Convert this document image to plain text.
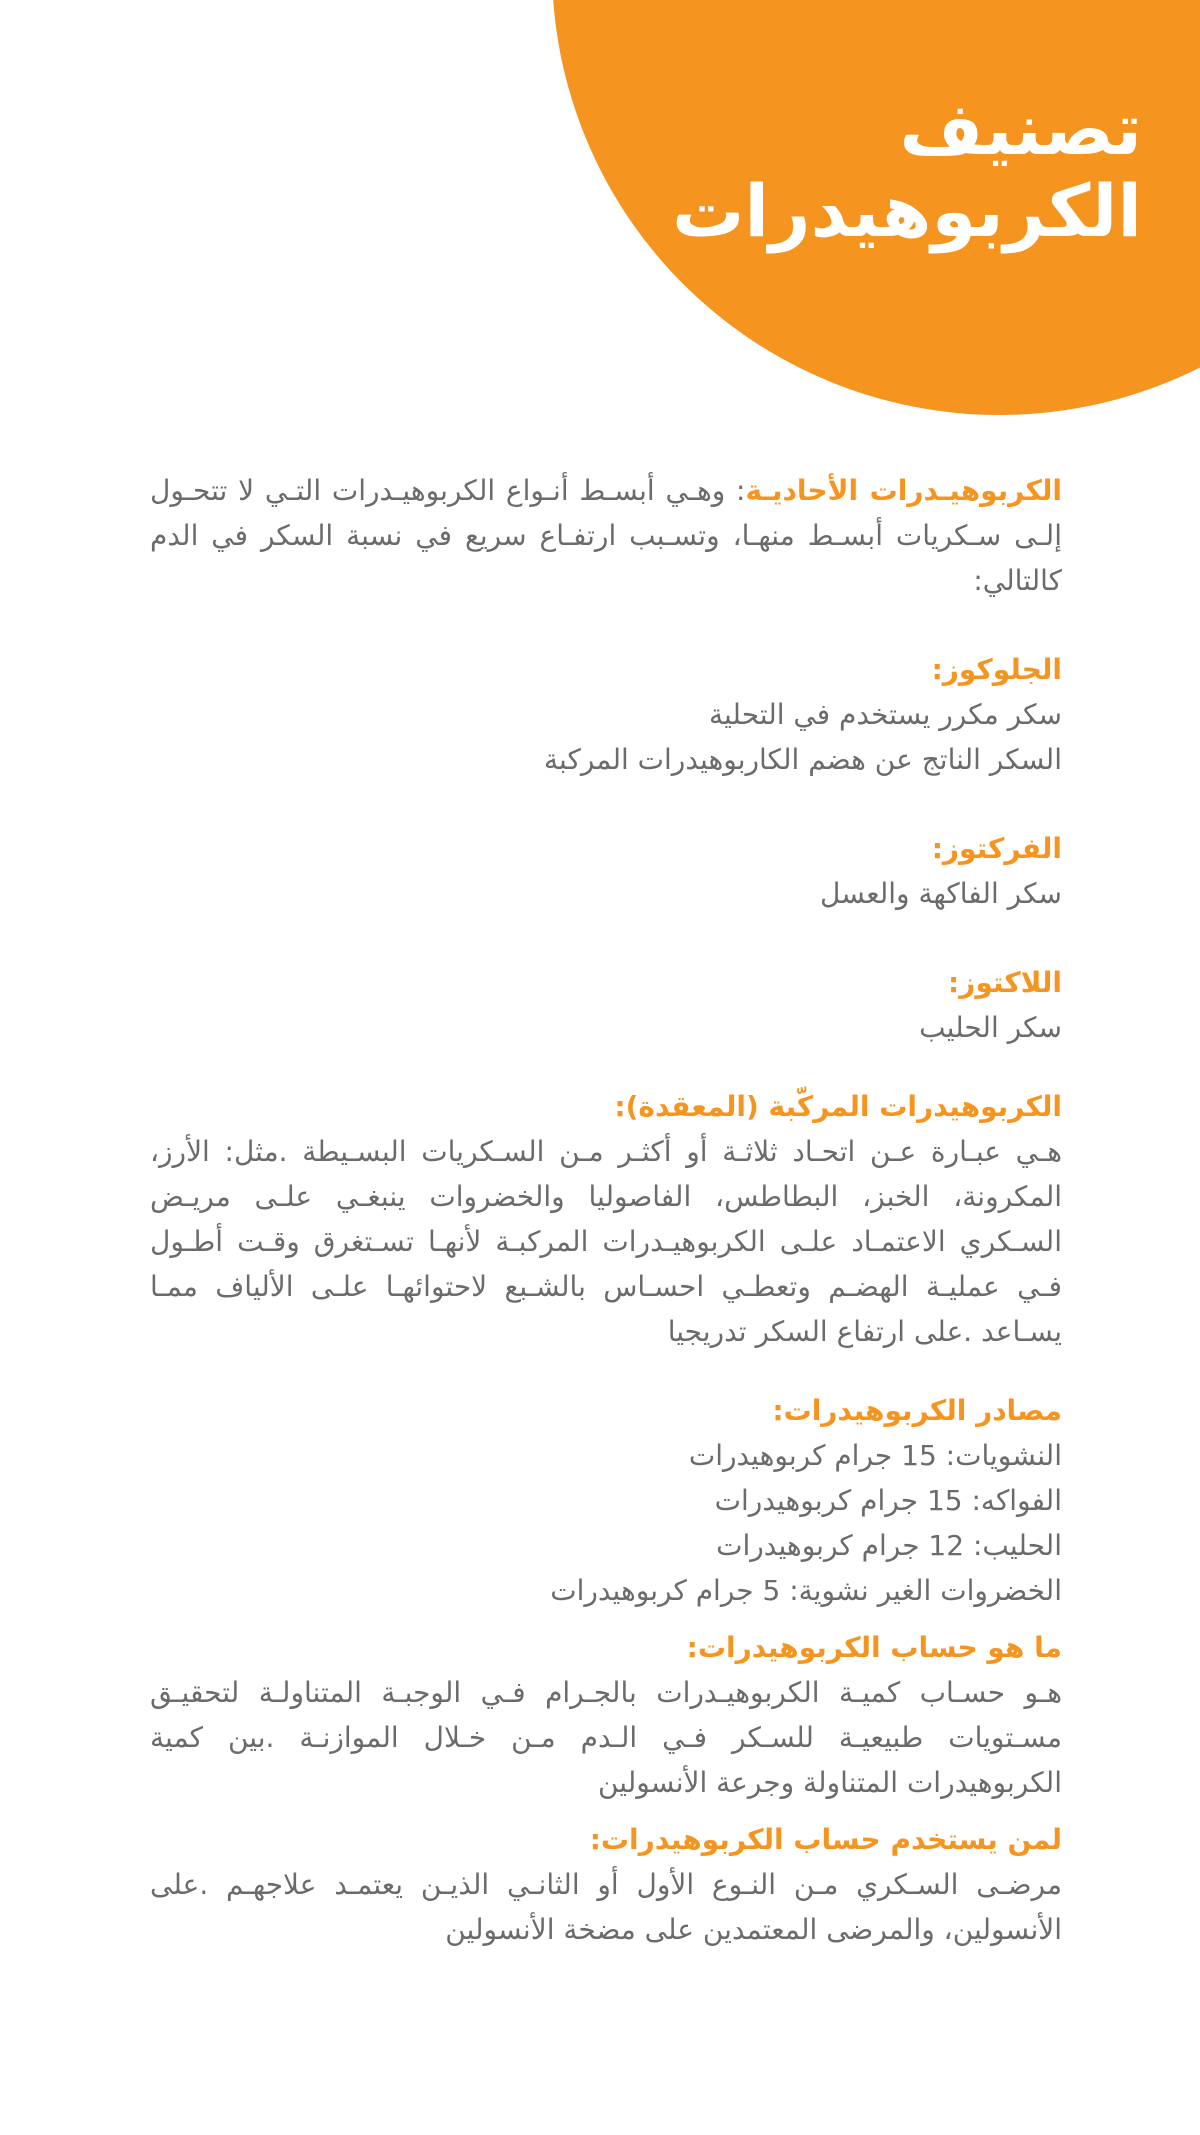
تصنيف
الكربوهيدرات

الكربوهيـدرات الأحاديـة: وهـي أبسـط أنـواع الكربوهيـدرات التـي لا تتحـول إلـى سـكريات أبسـط منهـا، وتسـبب ارتفـاع سريع في نسبة السكر في الدم كالتالي:

الجلوكوز:

سكر مكرر يستخدم في التحلية
السكر الناتج عن هضم الكاربوهيدرات المركبة

الفركتوز:

سكر الفاكهة والعسل

اللاكتوز:

سكر الحليب

الكربوهيدرات المركّبة (المعقدة):

هـي عبـارة عـن اتحـاد ثلاثـة أو أكثـر مـن السـكريات البسـيطة .مثل: الأرز، المكرونة، الخبز، البطاطس، الفاصوليا والخضروات ينبغـي علـى مريـض السـكري الاعتمـاد علـى الكربوهيـدرات المركبـة لأنهـا تسـتغرق وقـت أطـول فـي عمليـة الهضـم وتعطـي احسـاس بالشـبع لاحتوائهـا علـى الألياف ممـا يسـاعد .على ارتفاع السكر تدريجيا

مصادر الكربوهيدرات:

النشويات: 15 جرام كربوهيدرات
الفواكه: 15 جرام كربوهيدرات
الحليب: 12 جرام كربوهيدرات
الخضروات الغير نشوية: 5 جرام كربوهيدرات

ما هو حساب الكربوهيدرات:

هـو حسـاب كميـة الكربوهيـدرات بالجـرام فـي الوجبـة المتناولـة لتحقيـق مسـتويات طبيعيـة للسـكر فـي الـدم مـن خـلال الموازنـة .بين كمية الكربوهيدرات المتناولة وجرعة الأنسولين

لمن يستخدم حساب الكربوهيدرات:

مرضـى السـكري مـن النـوع الأول أو الثانـي الذيـن يعتمـد علاجهـم .على الأنسولين، والمرضى المعتمدين على مضخة الأنسولين
